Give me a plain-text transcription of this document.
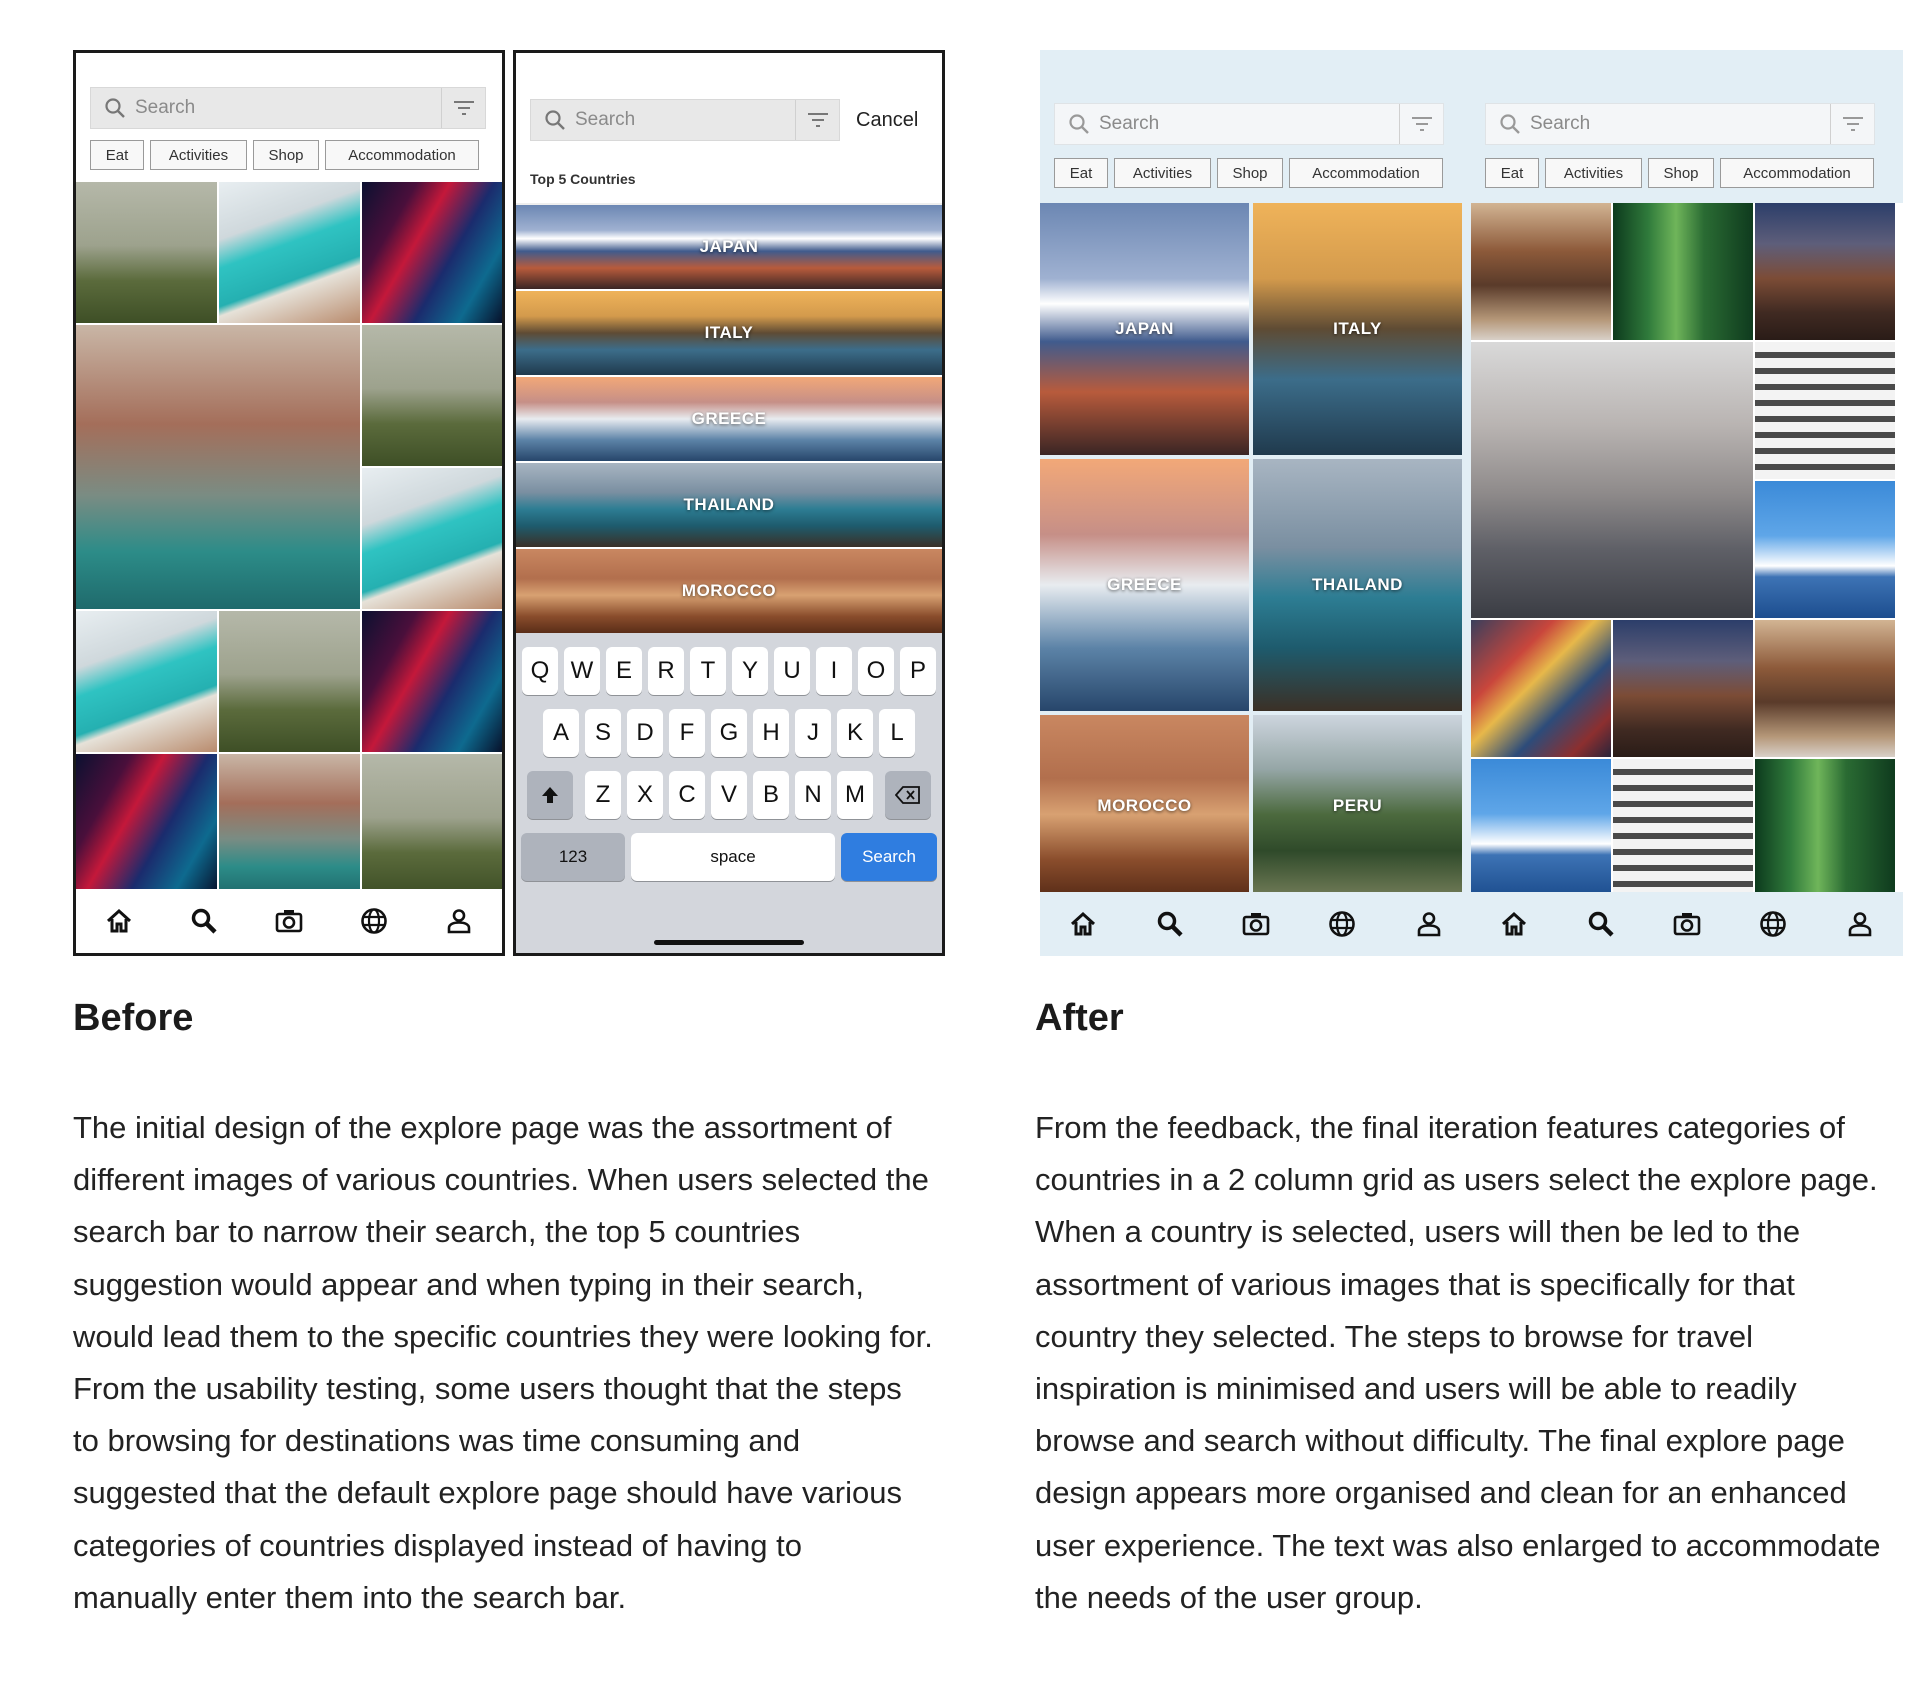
Search
Eat	Activities	Shop	Accommodation
Search	Cancel
Top 5 Countries
JAPAN
ITALY
GREECE
THAILAND
MOROCCO
Q W E	R	T	Y	U	I	O	P
A	S	D	F	G	H	J	K	L
Z	X	C	V	B	N M
123	space	Search
Search
Eat	Activities	Shop	Accommodation
JAPAN	ITALY
GREECE	THAILAND
MOROCCO	PERU
Search
Eat	Activities	Shop	Accommodation
Before

The initial design of the explore page was the assortment of different images of various countries. When users selected the search bar to narrow their search, the top 5 countries suggestion would appear and when typing in their search, would lead them to the specific countries they were looking for. From the usability testing, some users thought that the steps to browsing for destinations was time consuming and suggested that the default explore page should have various categories of countries displayed instead of having to manually enter them into the search bar.

After

From the feedback, the final iteration features categories of countries in a 2 column grid as users select the explore page. When a country is selected, users will then be led to the assortment of various images that is specifically for that country they selected. The steps to browse for travel inspiration is minimised and users will be able to readily browse and search without difficulty. The final explore page design appears more organised and clean for an enhanced user experience. The text was also enlarged to accommodate the needs of the user group.
